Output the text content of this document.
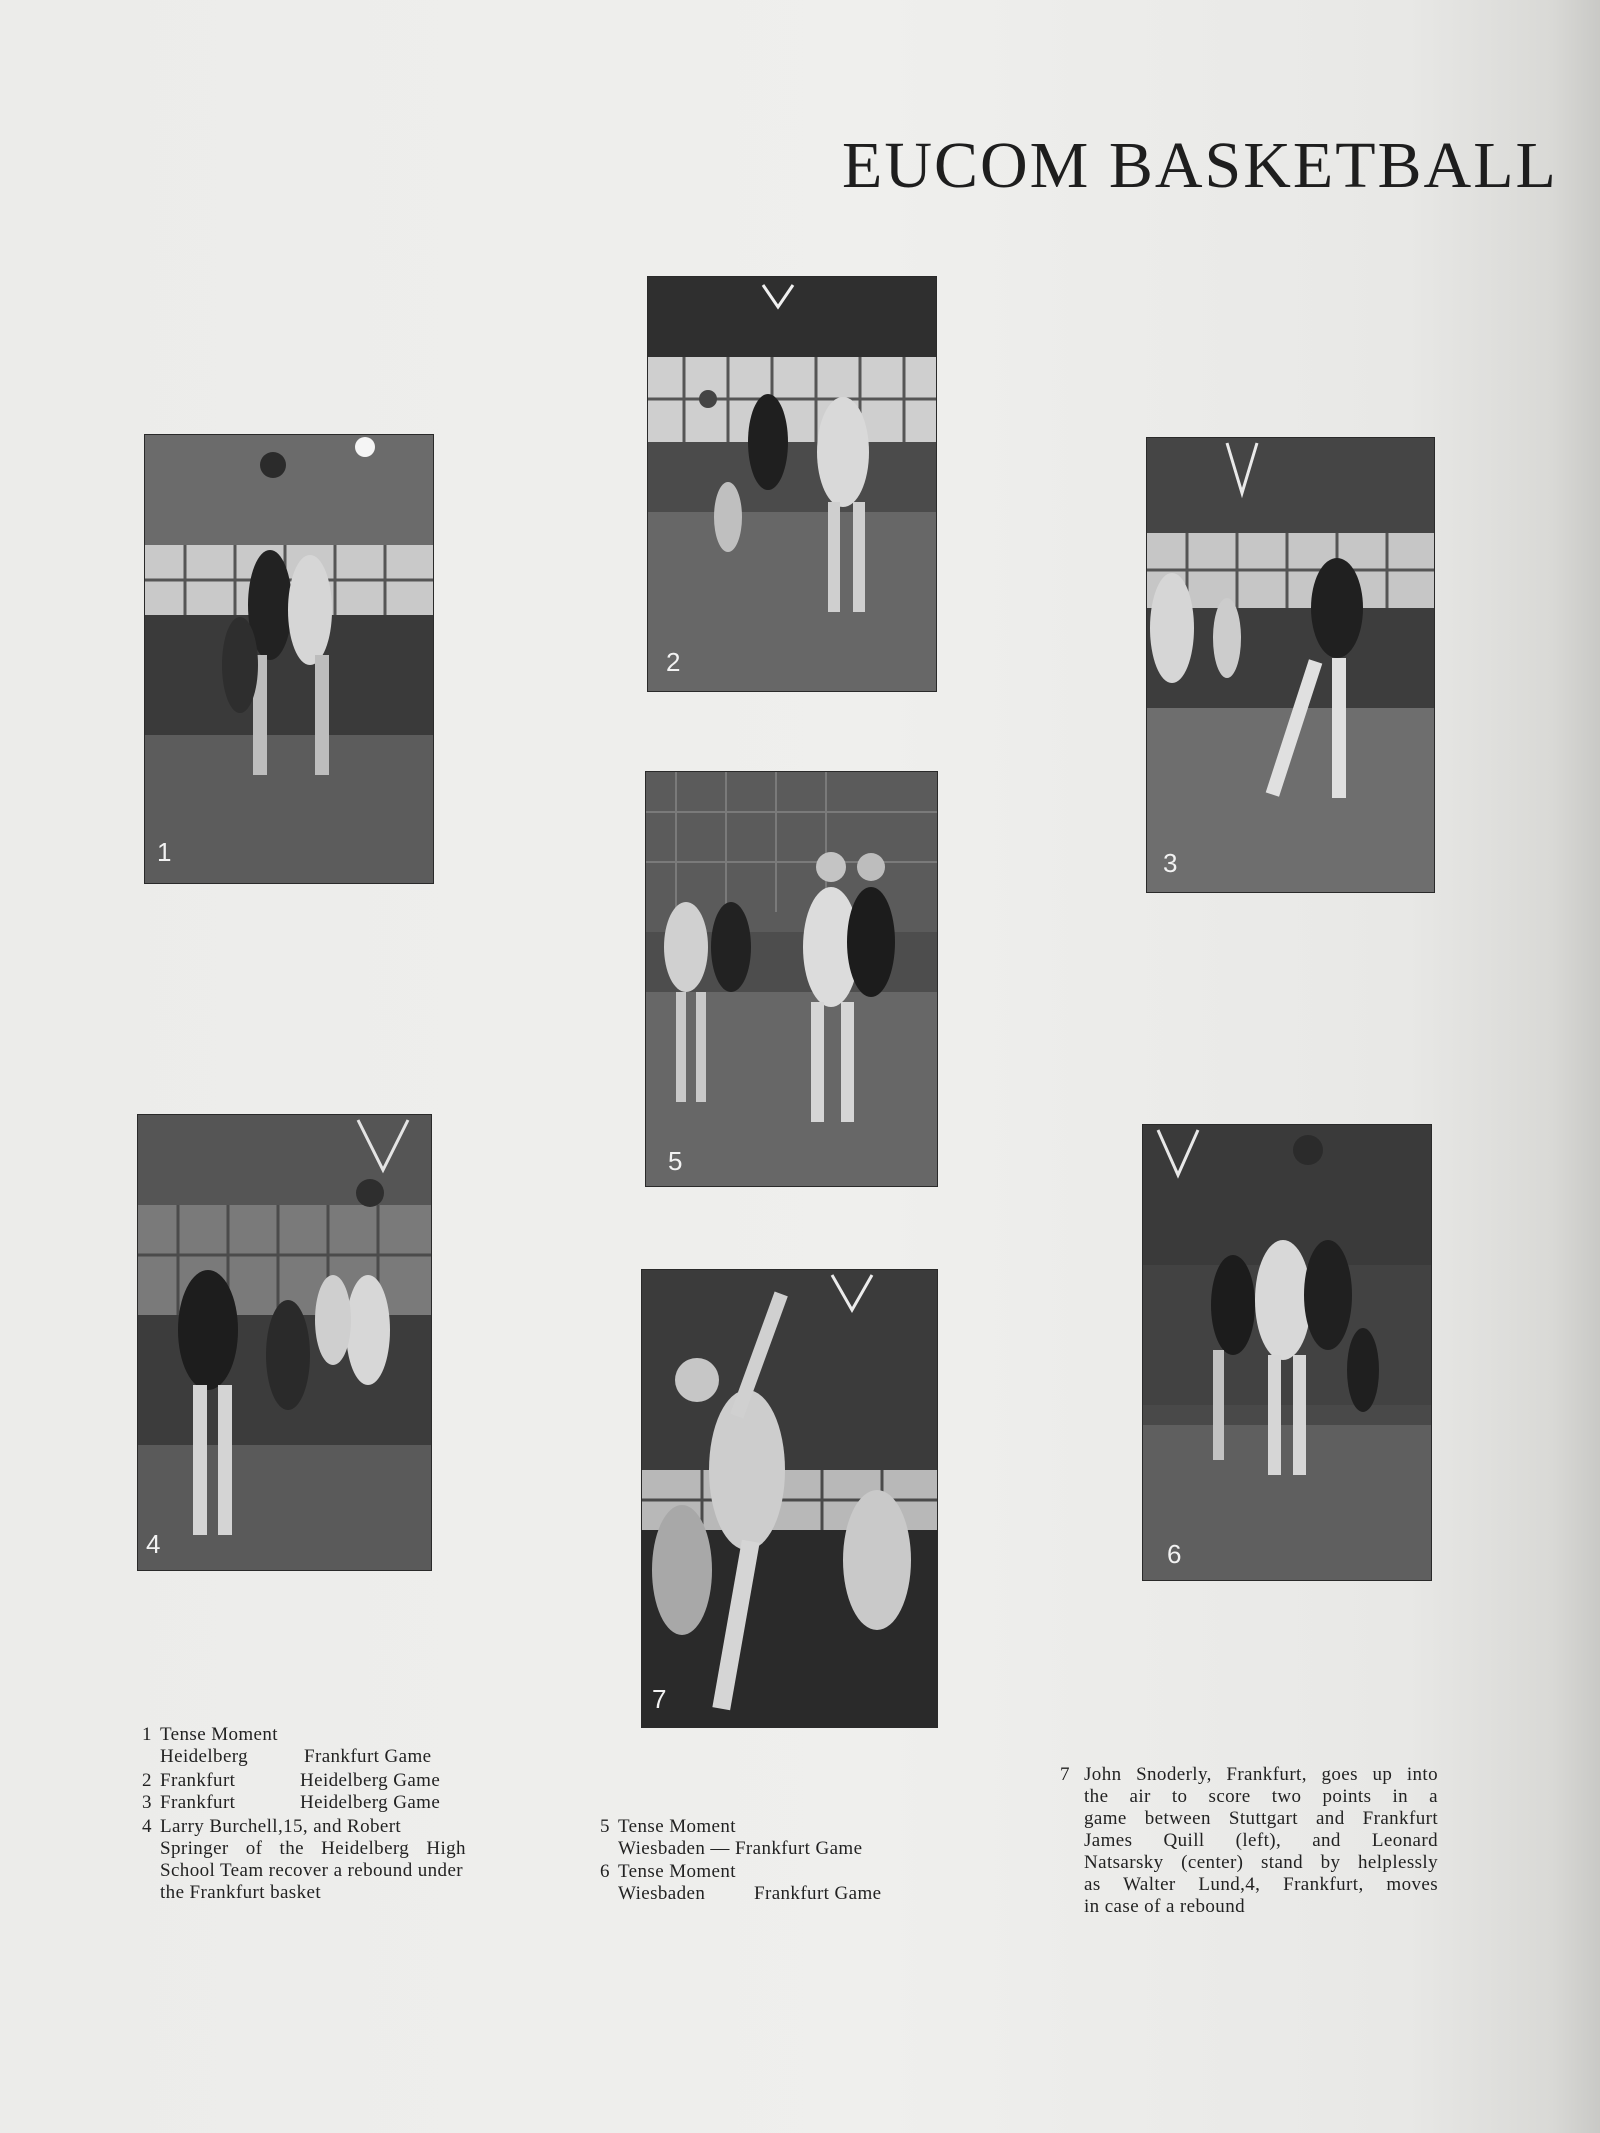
EUCOM BASKETBALL
1
2
3
5
4	6
7
1 Tense Moment
Heidelberg	Frankfurt Game
2 Frankfurt	Heidelberg Game
3 Frankfurt	Heidelberg Game
4 Larry Burchell,15, and Robert
Springer of the Heidelberg High
School Team recover a rebound under
the Frankfurt basket
5 Tense Moment
Wiesbaden — Frankfurt Game
6 Tense Moment
Wiesbaden	Frankfurt Game
7 John Snoderly, Frankfurt, goes up into
the air to score two points in a
game between Stuttgart and Frankfurt
James Quill (left), and Leonard
Natsarsky (center) stand by helplessly
as Walter Lund,4, Frankfurt, moves
in case of a rebound
